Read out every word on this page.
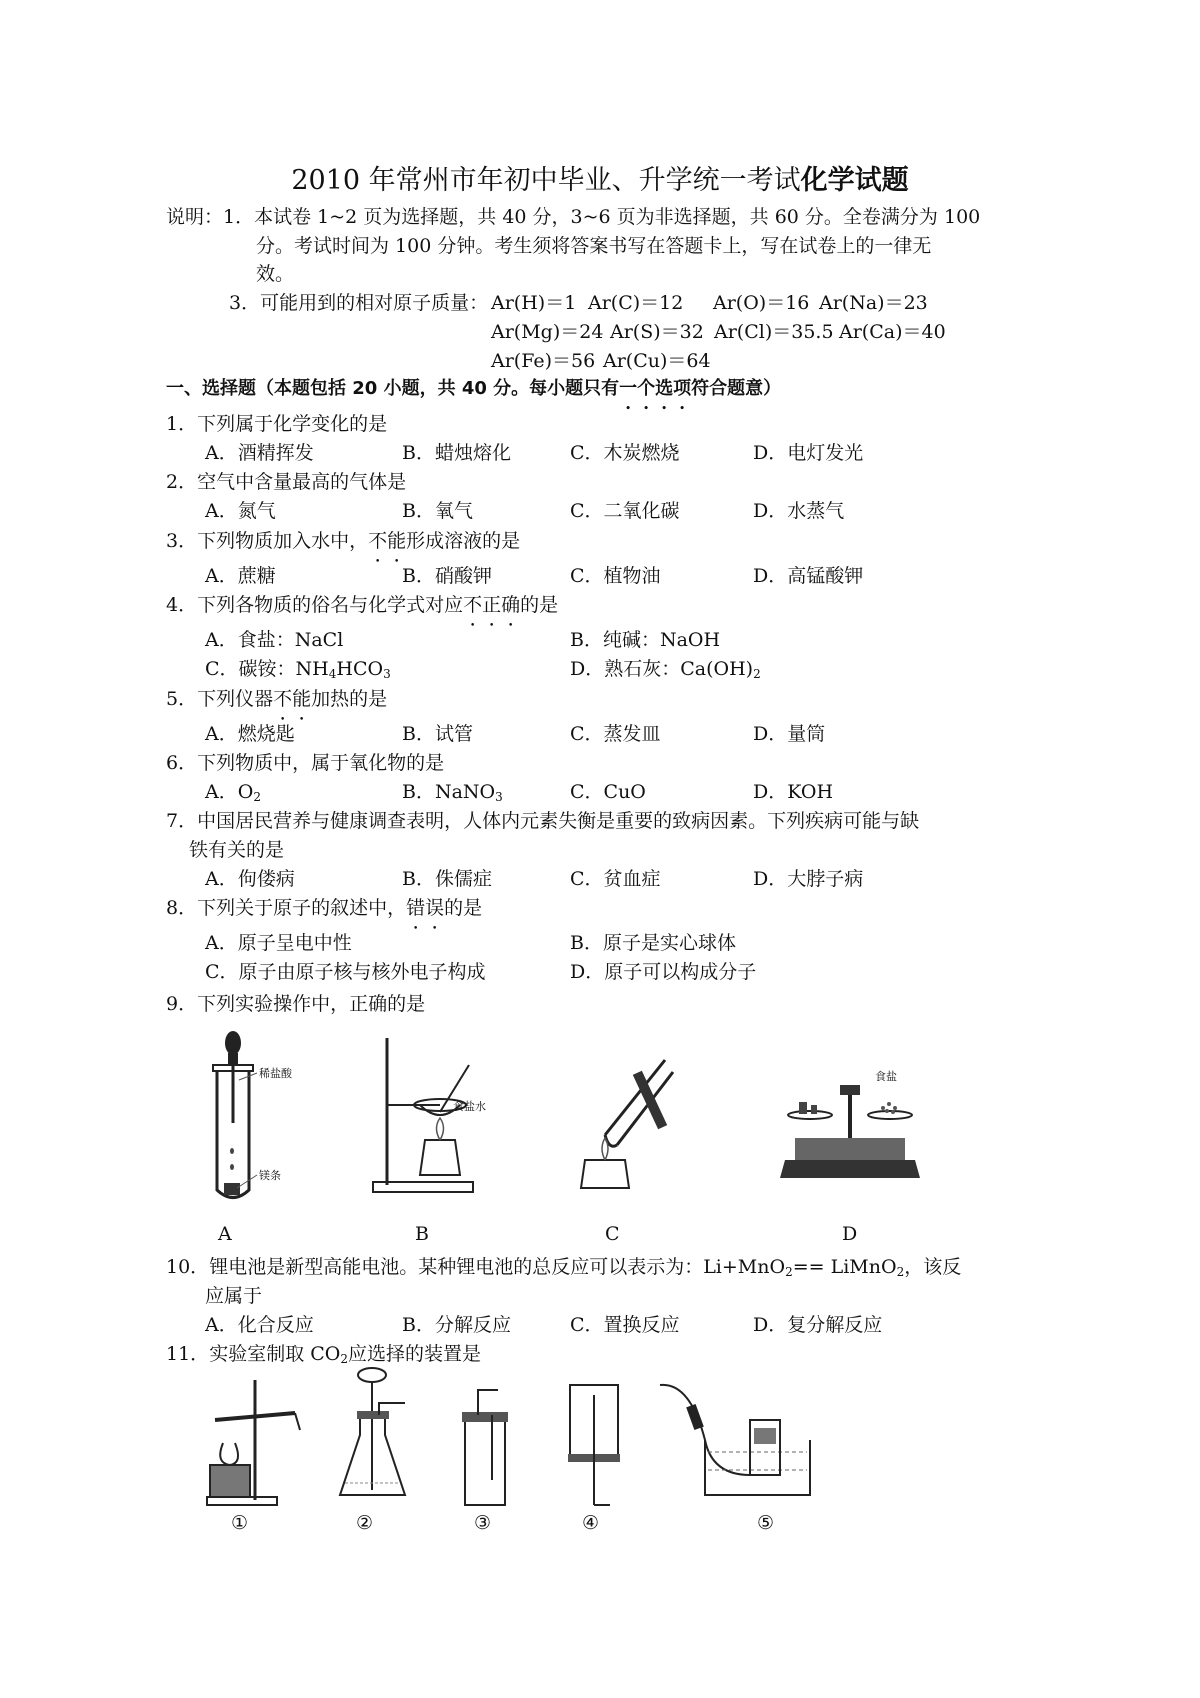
2010 年常州市年初中毕业、升学统一考试化学试题
说明：1．本试卷 1~2 页为选择题，共 40 分，3~6 页为非选择题，共 60 分。全卷满分为 100
分。考试时间为 100 分钟。考生须将答案书写在答题卡上，写在试卷上的一律无
效。
3．可能用到的相对原子质量： Ar(H)＝1 Ar(C)＝12 Ar(O)＝16 Ar(Na)＝23
Ar(Mg)＝24 Ar(S)＝32 Ar(Cl)＝35.5 Ar(Ca)＝40
Ar(Fe)＝56 Ar(Cu)＝64
一、选择题（本题包括 20 小题，共 40 分。每小题只有一个选项符合题意）
1．下列属于化学变化的是
A．酒精挥发	B．蜡烛熔化	C．木炭燃烧	D．电灯发光
2．空气中含量最高的气体是
A．氮气	B．氧气	C．二氧化碳	D．水蒸气
3．下列物质加入水中，不能形成溶液的是
A．蔗糖	B．硝酸钾	C．植物油	D．高锰酸钾
4．下列各物质的俗名与化学式对应不正确的是
A．食盐：NaCl	B．纯碱：NaOH
C．碳铵：$NH_4HCO_3$	D．熟石灰：$Ca(OH)_2$
5．下列仪器不能加热的是
A．燃烧匙	B．试管	C．蒸发皿	D．量筒
6．下列物质中，属于氧化物的是
A．$O_2$	B．NaNO$_3$	C．CuO	D．KOH
7．中国居民营养与健康调查表明，人体内元素失衡是重要的致病因素。下列疾病可能与缺
铁有关的是
A．佝偻病	B．侏儒症	C．贫血症	D．大脖子病
8．下列关于原子的叙述中，错误的是
A．原子呈电中性	B．原子是实心球体
C．原子由原子核与核外电子构成	D．原子可以构成分子
9．下列实验操作中，正确的是
稀盐酸
镁条
食盐水
食盐
A	B	C	D
10．锂电池是新型高能电池。某种锂电池的总反应可以表示为：Li+MnO$_2$== LiMnO$_2$，该反
应属于
A．化合反应	B．分解反应	C．置换反应	D．复分解反应
11．实验室制取 $CO_2$应选择的装置是
①	②	③	④	⑤
